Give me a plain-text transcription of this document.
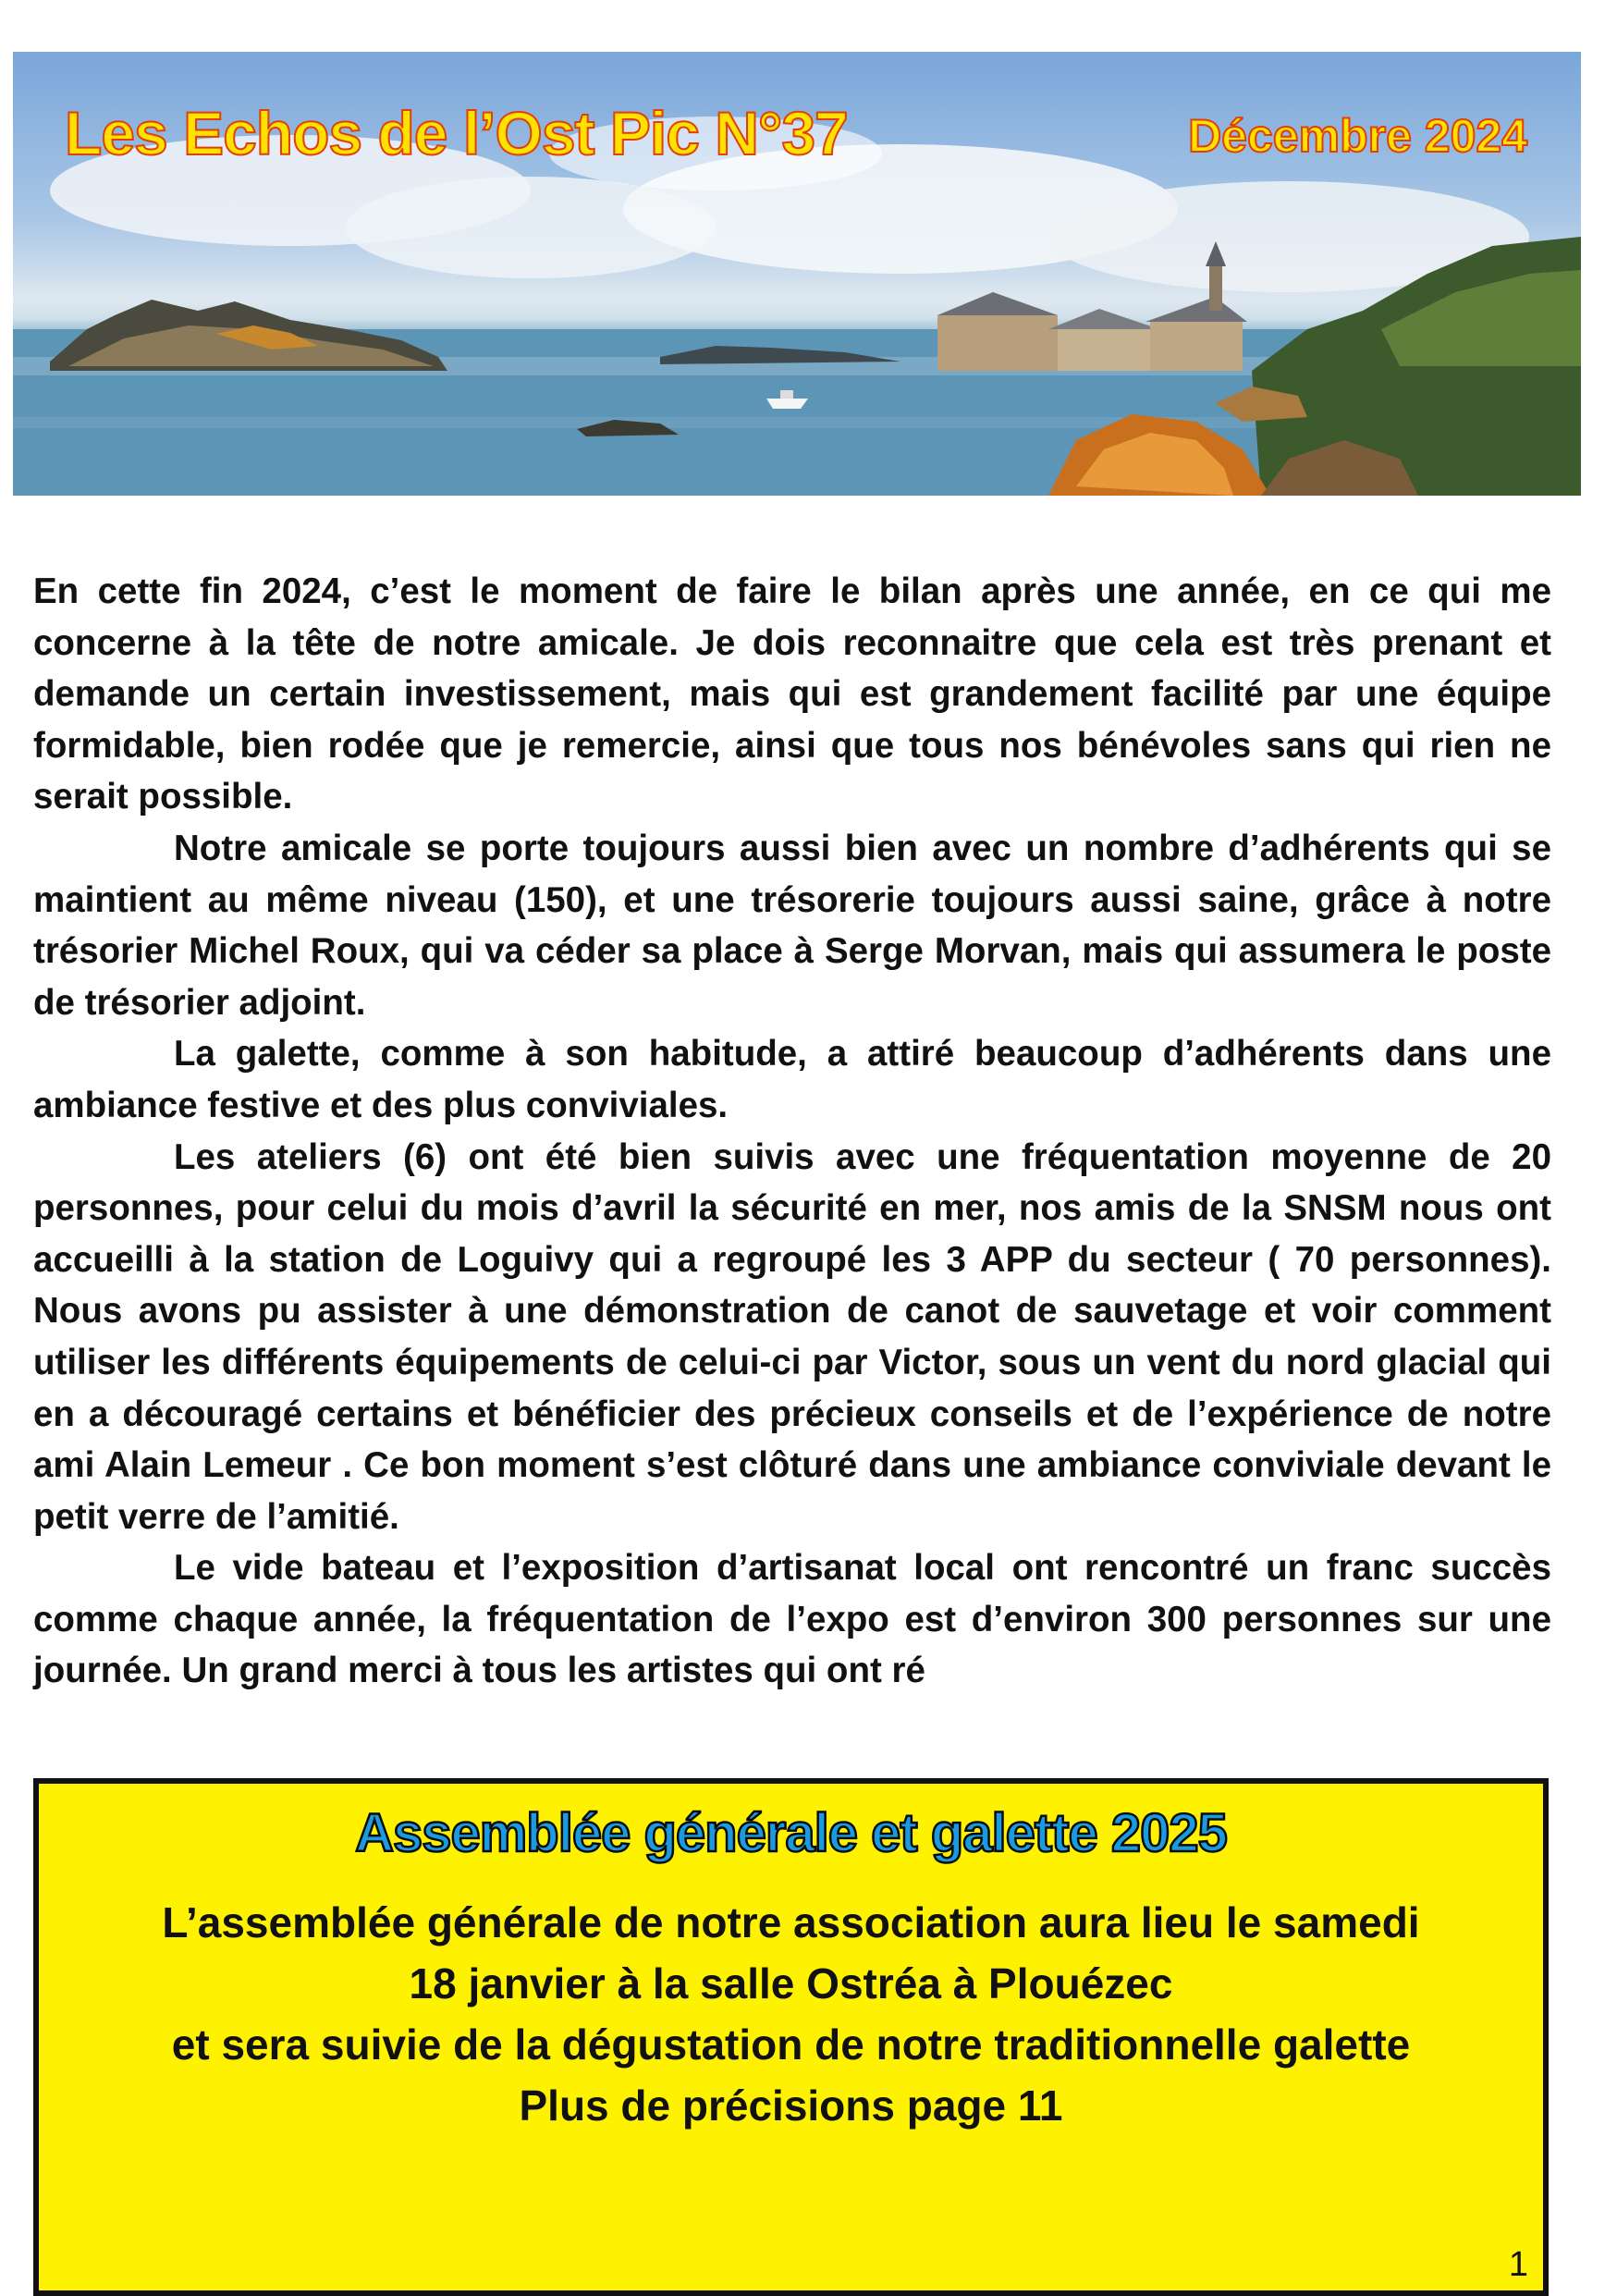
Les Echos de l’Ost Pic N°37	Décembre 2024

En cette fin 2024, c’est le moment de faire le bilan après une année, en ce qui me concerne à la tête de notre amicale. Je dois reconnaitre que cela est très prenant et demande un certain investissement, mais qui est grandement facilité par une équipe formidable, bien rodée que je remercie, ainsi que tous nos bénévoles sans qui rien ne serait possible.

Notre amicale se porte toujours aussi bien avec un nombre d’adhérents qui se maintient au même niveau (150), et une trésorerie toujours aussi saine, grâce à notre trésorier Michel Roux, qui va céder sa place à Serge Morvan, mais qui assumera le poste de trésorier adjoint.

La galette, comme à son habitude, a attiré beaucoup d’adhérents dans une ambiance festive et des plus conviviales.

Les ateliers (6) ont été bien suivis avec une fréquentation moyenne de 20 personnes, pour celui du mois d’avril la sécurité en mer, nos amis de la SNSM nous ont accueilli à la station de Loguivy qui a regroupé les 3 APP du secteur ( 70 personnes). Nous avons pu assister à une démonstration de canot de sauvetage et voir comment utiliser les différents équipements de celui-ci par Victor, sous un vent du nord glacial qui en a découragé certains et bénéficier des précieux conseils et de l’expérience de notre ami Alain Lemeur . Ce bon moment s’est clôturé dans une ambiance conviviale devant le petit verre de l’amitié.

Le vide bateau et l’exposition d’artisanat local ont rencontré un franc succès comme chaque année, la fréquentation de l’expo est d’environ 300 personnes sur une journée. Un grand merci à tous les artistes qui ont ré

Assemblée générale et galette 2025
L’assemblée générale de notre association aura lieu le samedi
18 janvier à la salle Ostréa à Plouézec
et sera suivie de la dégustation de notre traditionnelle galette
Plus de précisions page 11
1
